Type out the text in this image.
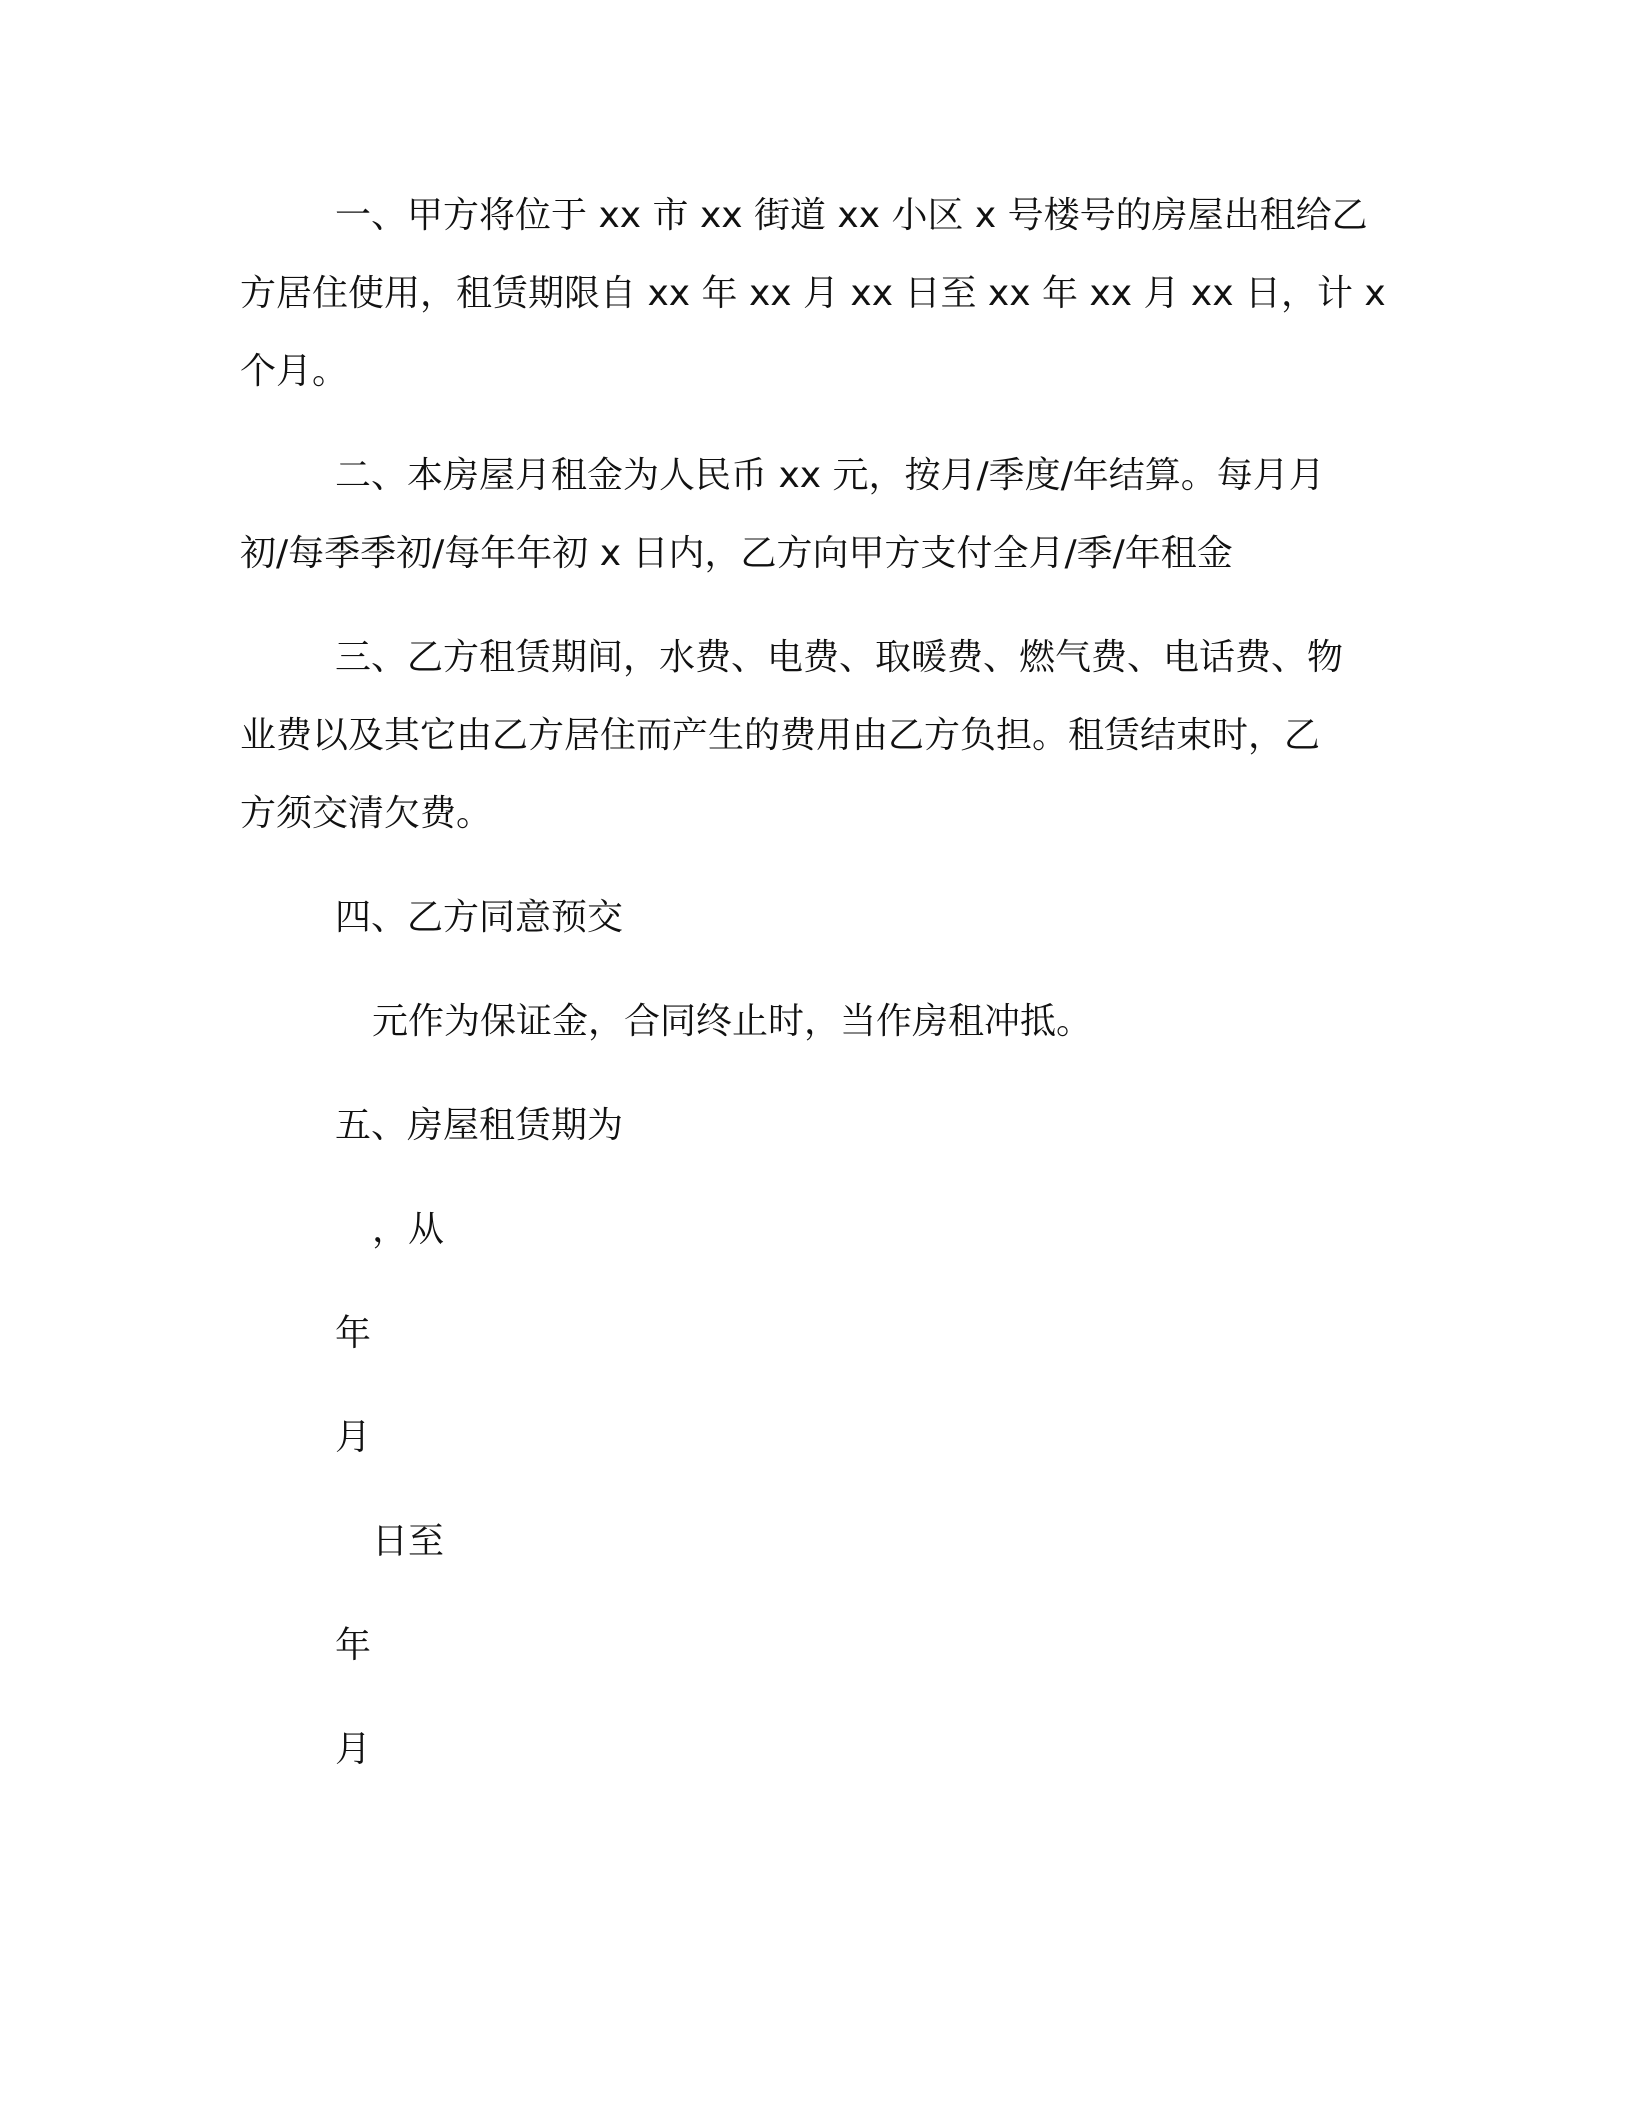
一、甲方将位于 xx 市 xx 街道 xx 小区 x 号楼号的房屋出租给乙
方居住使用，租赁期限自 xx 年 xx 月 xx 日至 xx 年 xx 月 xx 日，计 x
个月。
二、本房屋月租金为人民币 xx 元，按月/季度/年结算。每月月
初/每季季初/每年年初 x 日内，乙方向甲方支付全月/季/年租金
三、乙方租赁期间，水费、电费、取暖费、燃气费、电话费、物
业费以及其它由乙方居住而产生的费用由乙方负担。租赁结束时，乙
方须交清欠费。
四、乙方同意预交
元作为保证金，合同终止时，当作房租冲抵。
五、房屋租赁期为
，从
年
月
日至
年
月
